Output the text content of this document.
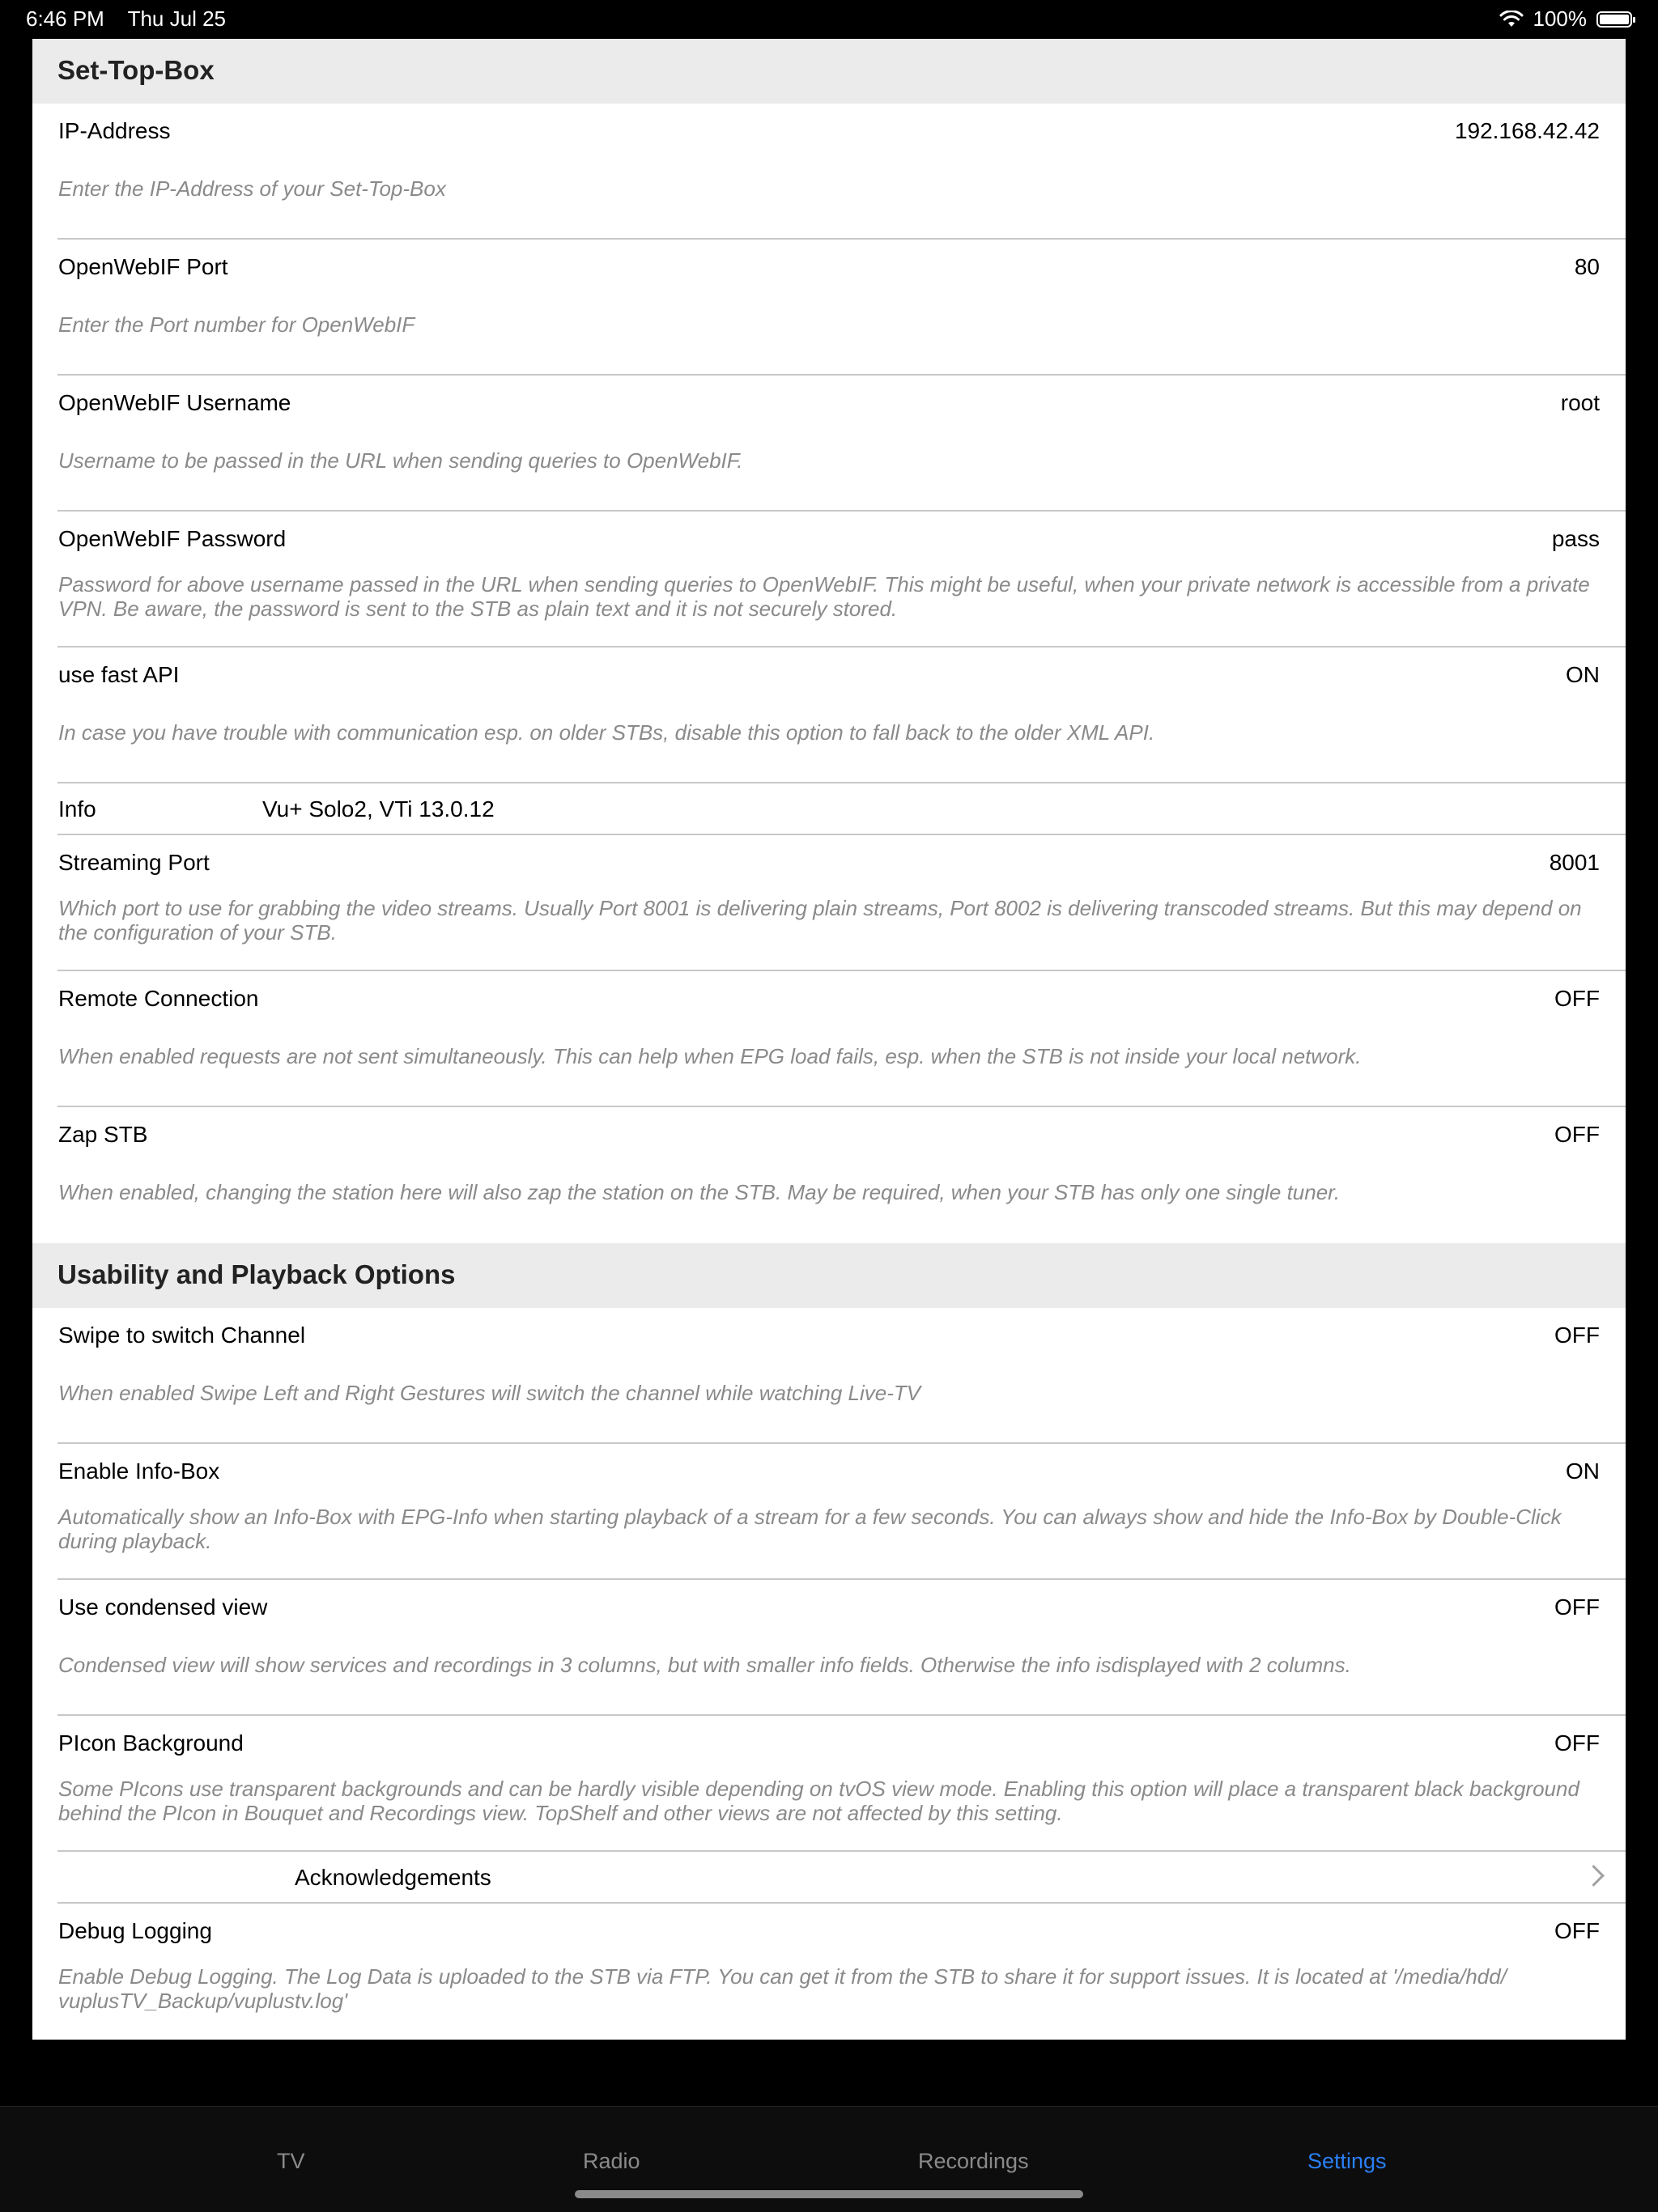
6:46 PM Thu Jul 25	100%
Set-Top-Box
IP-Address	192.168.42.42
Enter the IP-Address of your Set-Top-Box
OpenWebIF Port	80
Enter the Port number for OpenWebIF
OpenWebIF Username	root
Username to be passed in the URL when sending queries to OpenWebIF.
OpenWebIF Password	pass
Password for above username passed in the URL when sending queries to OpenWebIF. This might be useful, when your private network is accessible from a private VPN. Be aware, the password is sent to the STB as plain text and it is not securely stored.
use fast API	ON
In case you have trouble with communication esp. on older STBs, disable this option to fall back to the older XML API.
Info	Vu+ Solo2, VTi 13.0.12
Streaming Port	8001
Which port to use for grabbing the video streams. Usually Port 8001 is delivering plain streams, Port 8002 is delivering transcoded streams. But this may depend on the configuration of your STB.
Remote Connection	OFF
When enabled requests are not sent simultaneously. This can help when EPG load fails, esp. when the STB is not inside your local network.
Zap STB	OFF
When enabled, changing the station here will also zap the station on the STB. May be required, when your STB has only one single tuner.
Usability and Playback Options
Swipe to switch Channel	OFF
When enabled Swipe Left and Right Gestures will switch the channel while watching Live-TV
Enable Info-Box	ON
Automatically show an Info-Box with EPG-Info when starting playback of a stream for a few seconds. You can always show and hide the Info-Box by Double-Click during playback.
Use condensed view	OFF
Condensed view will show services and recordings in 3 columns, but with smaller info fields. Otherwise the info isdisplayed with 2 columns.
PIcon Background	OFF
Some PIcons use transparent backgrounds and can be hardly visible depending on tvOS view mode. Enabling this option will place a transparent black background behind the PIcon in Bouquet and Recordings view. TopShelf and other views are not affected by this setting.
Acknowledgements
Debug Logging	OFF
Enable Debug Logging. The Log Data is uploaded to the STB via FTP. You can get it from the STB to share it for support issues. It is located at '/media/hdd/ vuplusTV_Backup/vuplustv.log'
TV	Radio	Recordings	Settings
